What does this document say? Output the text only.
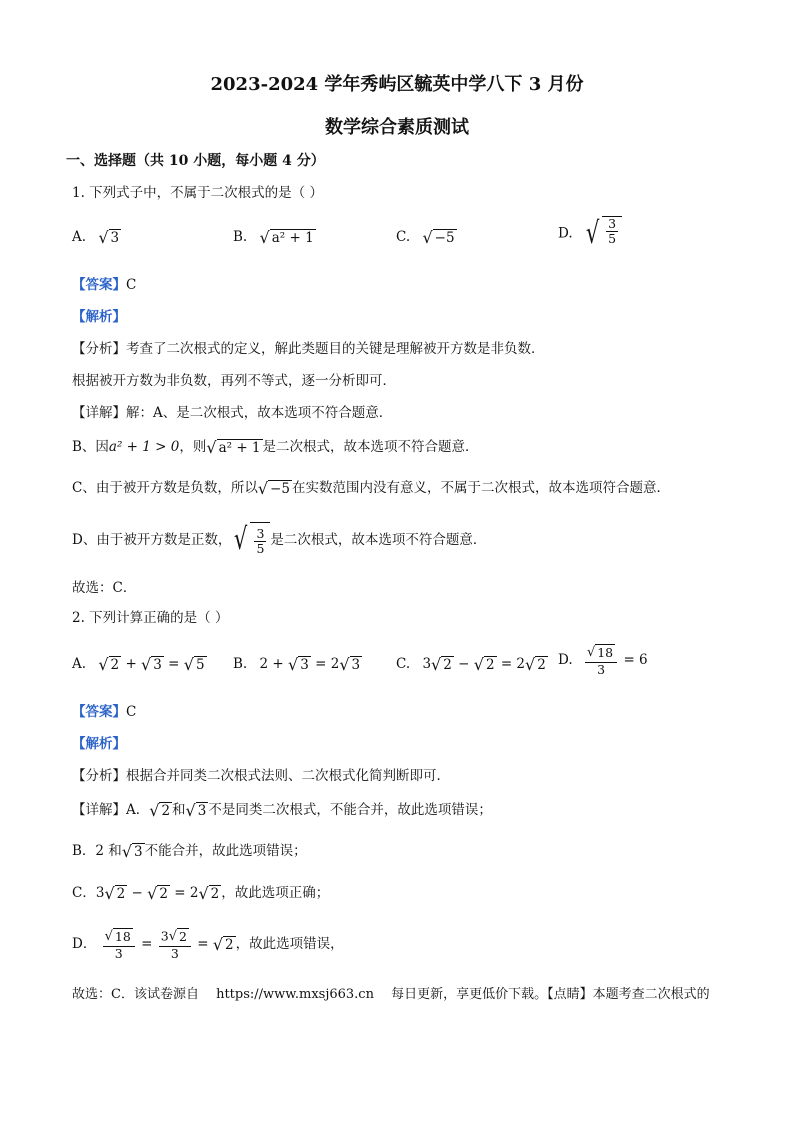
2023-2024 学年秀屿区毓英中学八下 3 月份
数学综合素质测试
一、选择题（共 10 小题，每小题 4 分）
1. 下列式子中，不属于二次根式的是（ ）
A. √ 3	B. √ a² + 1	C. √ −5	D. √ $\frac{3}{5}$
【答案】C
【解析】
【分析】考查了二次根式的定义，解此类题目的关键是理解被开方数是非负数．
根据被开方数为非负数，再列不等式，逐一分析即可．
【详解】解：A、是二次根式，故本选项不符合题意．
B、因a² + 1 > 0，则 √ a² + 1 是二次根式，故本选项不符合题意．
C、由于被开方数是负数，所以 √ −5 在实数范围内没有意义，不属于二次根式，故本选项符合题意．
D、由于被开方数是正数， √ $\frac{3}{5}$ 是二次根式，故本选项不符合题意．
故选：C．
2. 下列计算正确的是（ ）
A. √ 2 + √ 3 = √ 5 B. 2 + √ 3 = 2 √ 3	C. 3 √ 2 − √ 2 = 2 √ 2 D. $\frac{√ 18}{3} = 6$
【答案】C
【解析】
【分析】根据合并同类二次根式法则、二次根式化简判断即可．
【详解】A． √ 2 和 √ 3 不是同类二次根式，不能合并，故此选项错误；
B．2 和 √ 3 不能合并，故此选项错误；
C．3 √ 2 − √ 2 = 2 √ 2 ，故此选项正确；
D． $\frac{√ 18}{3} = \frac{3 √ 2}{3}$ = √ 2 ，故此选项错误，
故选：C．该试卷源自　 https://www.mxsj663.cn　 每日更新，享更低价下载。【点睛】本题考查二次根式的
